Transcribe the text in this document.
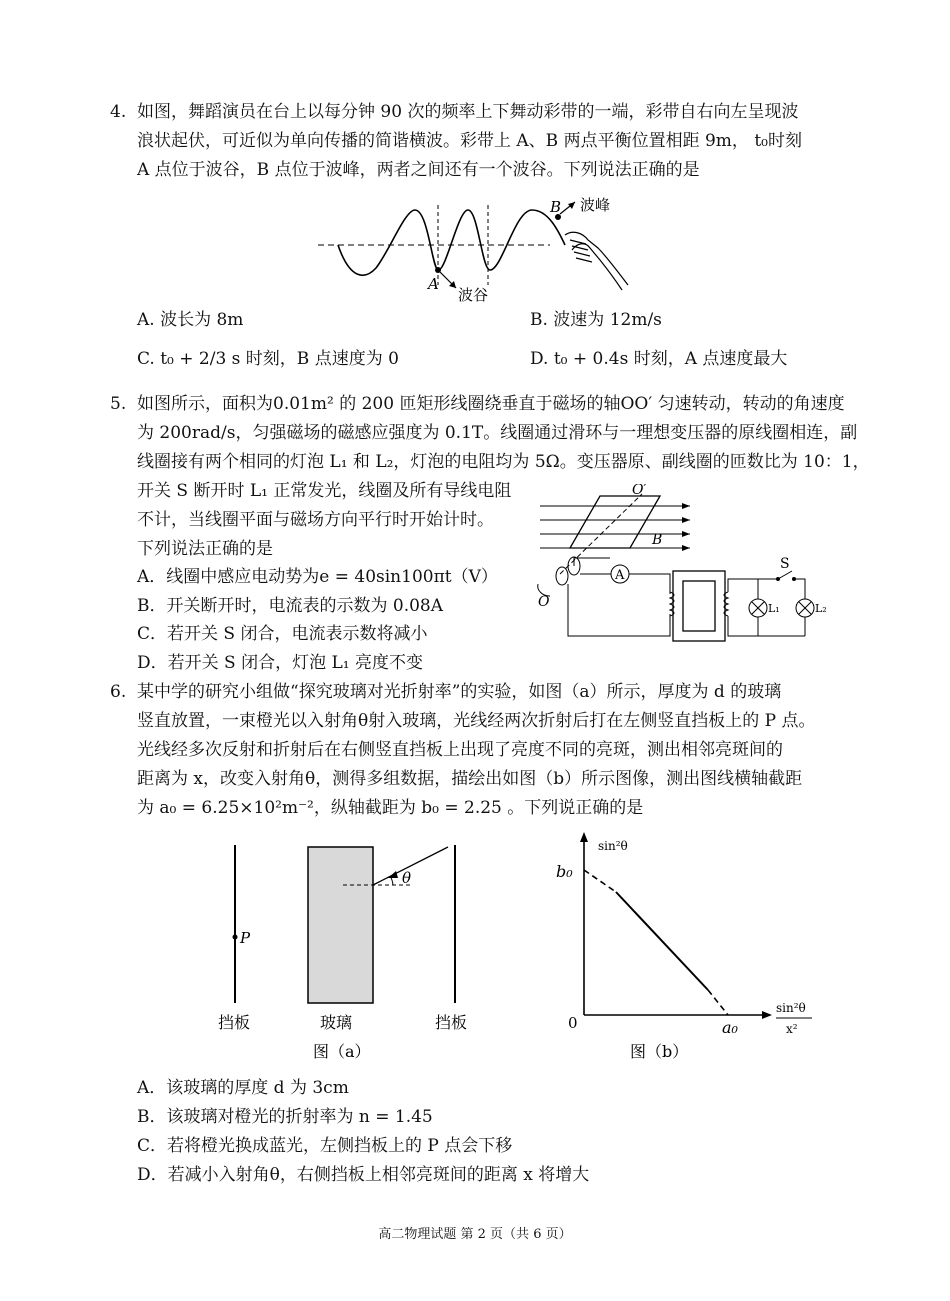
4. 如图，舞蹈演员在台上以每分钟 90 次的频率上下舞动彩带的一端，彩带自右向左呈现波
浪状起伏，可近似为单向传播的简谐横波。彩带上 A、B 两点平衡位置相距 9m， t₀时刻
A 点位于波谷，B 点位于波峰，两者之间还有一个波谷。下列说法正确的是
A
波谷
B 波峰
A. 波长为 8m	B. 波速为 12m/s
C. t₀ + 2/3 s 时刻，B 点速度为 0	D. t₀ + 0.4s 时刻，A 点速度最大
5. 如图所示，面积为0.01m² 的 200 匝矩形线圈绕垂直于磁场的轴OO′ 匀速转动，转动的角速度
为 200rad/s，匀强磁场的磁感应强度为 0.1T。线圈通过滑环与一理想变压器的原线圈相连，副
线圈接有两个相同的灯泡 L₁ 和 L₂，灯泡的电阻均为 5Ω。变压器原、副线圈的匝数比为 10：1，
开关 S 断开时 L₁ 正常发光，线圈及所有导线电阻
不计，当线圈平面与磁场方向平行时开始计时。
下列说法正确的是
A．线圈中感应电动势为e = 40sin100πt（V）
B．开关断开时，电流表的示数为 0.08A
C．若开关 S 闭合，电流表示数将减小
D．若开关 S 闭合，灯泡 L₁ 亮度不变
O′
B
O
A
S
L₁	L₂
6. 某中学的研究小组做“探究玻璃对光折射率”的实验，如图（a）所示，厚度为 d 的玻璃
竖直放置，一束橙光以入射角θ射入玻璃，光线经两次折射后打在左侧竖直挡板上的 P 点。
光线经多次反射和折射后在右侧竖直挡板上出现了亮度不同的亮斑，测出相邻亮斑间的
距离为 x，改变入射角θ，测得多组数据，描绘出如图（b）所示图像，测出图线横轴截距
为 a₀ = 6.25×10²m⁻²，纵轴截距为 b₀ = 2.25 。下列说正确的是
P
θ
挡板	玻璃	挡板
图（a）
sin²θ
sin²θ
x²
b₀
0	a₀
图（b）
A．该玻璃的厚度 d 为 3cm
B．该玻璃对橙光的折射率为 n = 1.45
C．若将橙光换成蓝光，左侧挡板上的 P 点会下移
D．若减小入射角θ，右侧挡板上相邻亮斑间的距离 x 将增大
高二物理试题 第 2 页（共 6 页）
